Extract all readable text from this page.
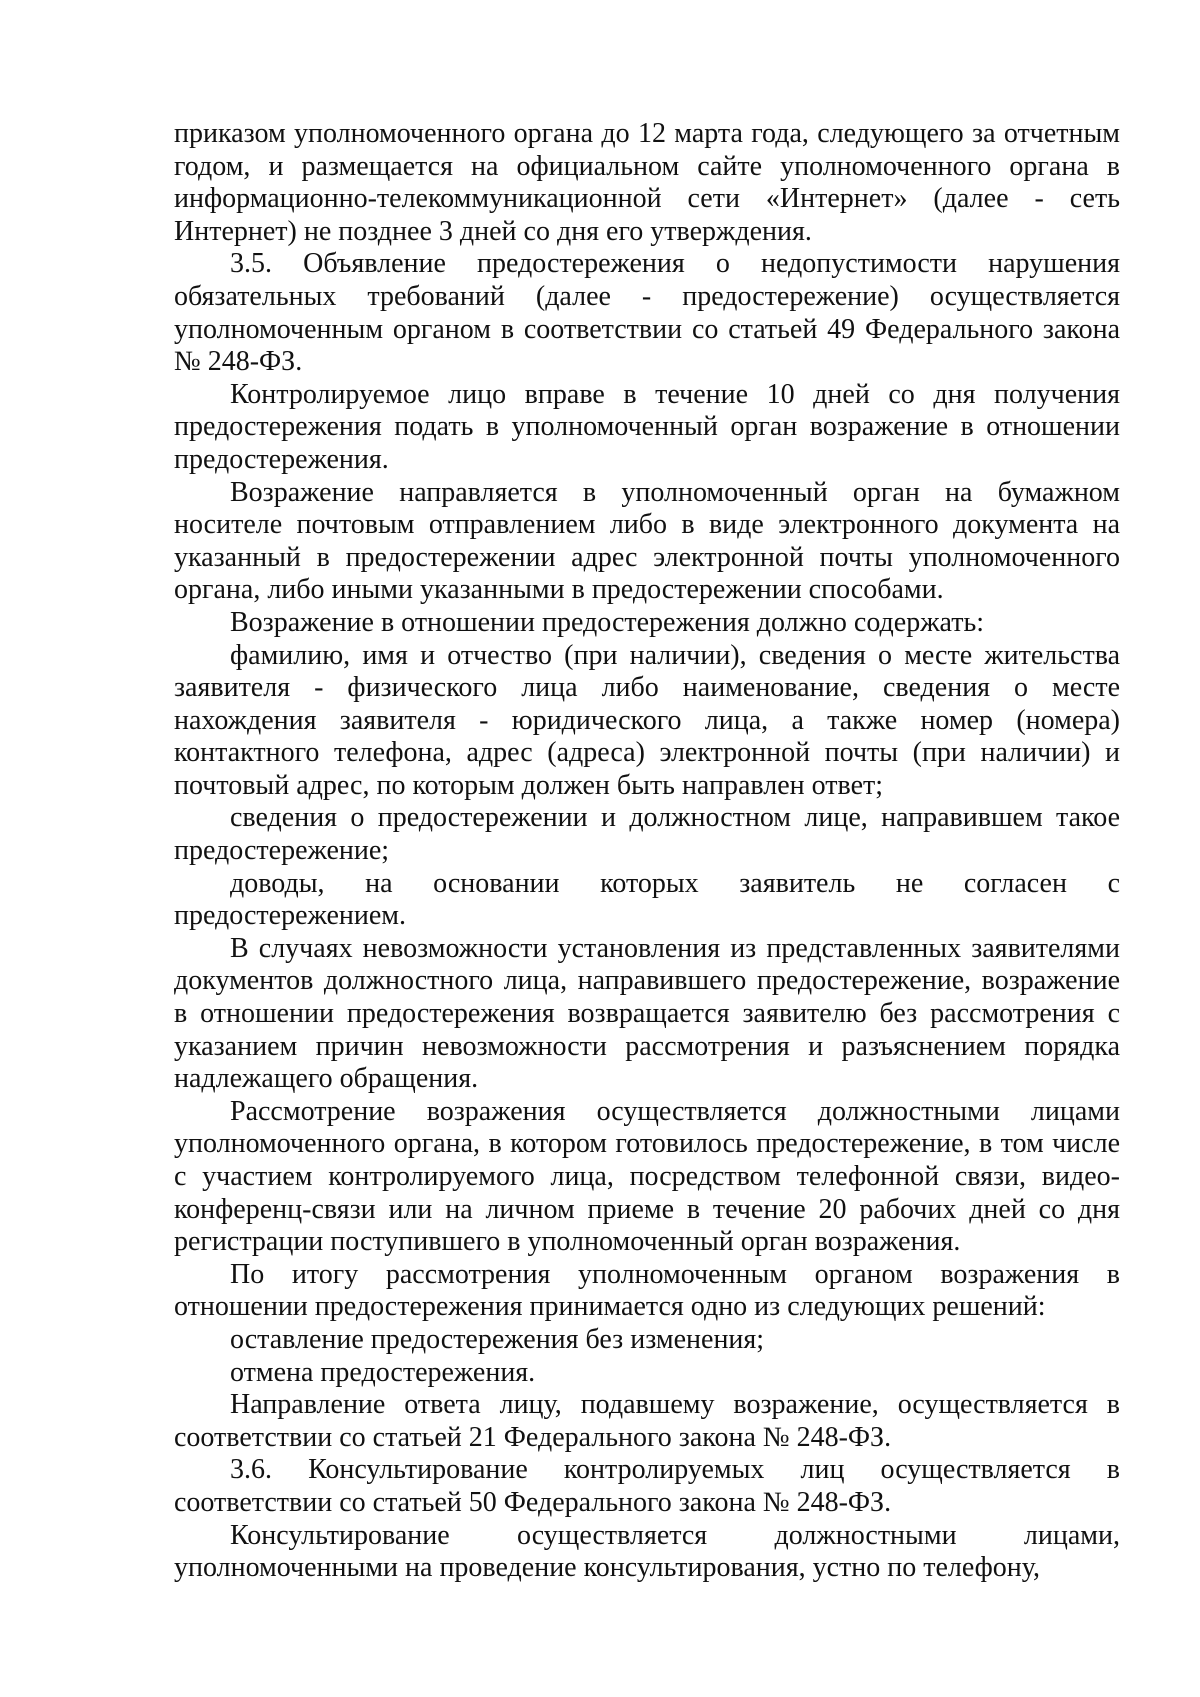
приказом уполномоченного органа до 12 марта года, следующего за отчетным годом, и размещается на официальном сайте уполномоченного органа в информационно-телекоммуникационной сети «Интернет» (далее - сеть Интернет) не позднее 3 дней со дня его утверждения.

3.5. Объявление предостережения о недопустимости нарушения обязательных требований (далее - предостережение) осуществляется уполномоченным органом в соответствии со статьей 49 Федерального закона № 248-ФЗ.

Контролируемое лицо вправе в течение 10 дней со дня получения предостережения подать в уполномоченный орган возражение в отношении предостережения.

Возражение направляется в уполномоченный орган на бумажном носителе почтовым отправлением либо в виде электронного документа на указанный в предостережении адрес электронной почты уполномоченного органа, либо иными указанными в предостережении способами.

Возражение в отношении предостережения должно содержать:

фамилию, имя и отчество (при наличии), сведения о месте жительства заявителя - физического лица либо наименование, сведения о месте нахождения заявителя - юридического лица, а также номер (номера) контактного телефона, адрес (адреса) электронной почты (при наличии) и почтовый адрес, по которым должен быть направлен ответ;

сведения о предостережении и должностном лице, направившем такое предостережение;

доводы, на основании которых заявитель не согласен с предостережением.

В случаях невозможности установления из представленных заявителями документов должностного лица, направившего предостережение, возражение в отношении предостережения возвращается заявителю без рассмотрения с указанием причин невозможности рассмотрения и разъяснением порядка надлежащего обращения.

Рассмотрение возражения осуществляется должностными лицами уполномоченного органа, в котором готовилось предостережение, в том числе с участием контролируемого лица, посредством телефонной связи, видео-конференц-связи или на личном приеме в течение 20 рабочих дней со дня регистрации поступившего в уполномоченный орган возражения.

По итогу рассмотрения уполномоченным органом возражения в отношении предостережения принимается одно из следующих решений:

оставление предостережения без изменения;

отмена предостережения.

Направление ответа лицу, подавшему возражение, осуществляется в соответствии со статьей 21 Федерального закона № 248-ФЗ.

3.6. Консультирование контролируемых лиц осуществляется в соответствии со статьей 50 Федерального закона № 248-ФЗ.

Консультирование осуществляется должностными лицами, уполномоченными на проведение консультирования, устно по телефону,
